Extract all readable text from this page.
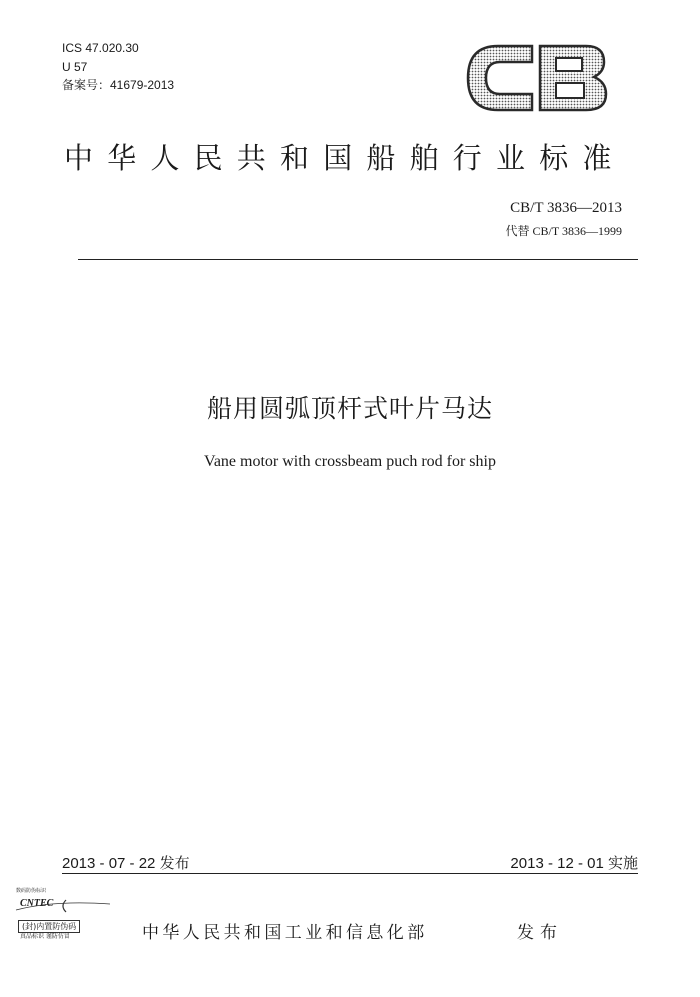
ICS 47.020.30
U 57
备案号：41679-2013
中华人民共和国船舶行业标准
CB/T 3836—2013
代替 CB/T 3836—1999
船用圆弧顶杆式叶片马达
Vane motor with crossbeam puch rod for ship
2013 - 07 - 22 发布	2013 - 12 - 01 实施
数码防伪标识
CNTEC
(封)内置防伪码
真品标识 谨防仿冒	中华人民共和国工业和信息化部	发布
